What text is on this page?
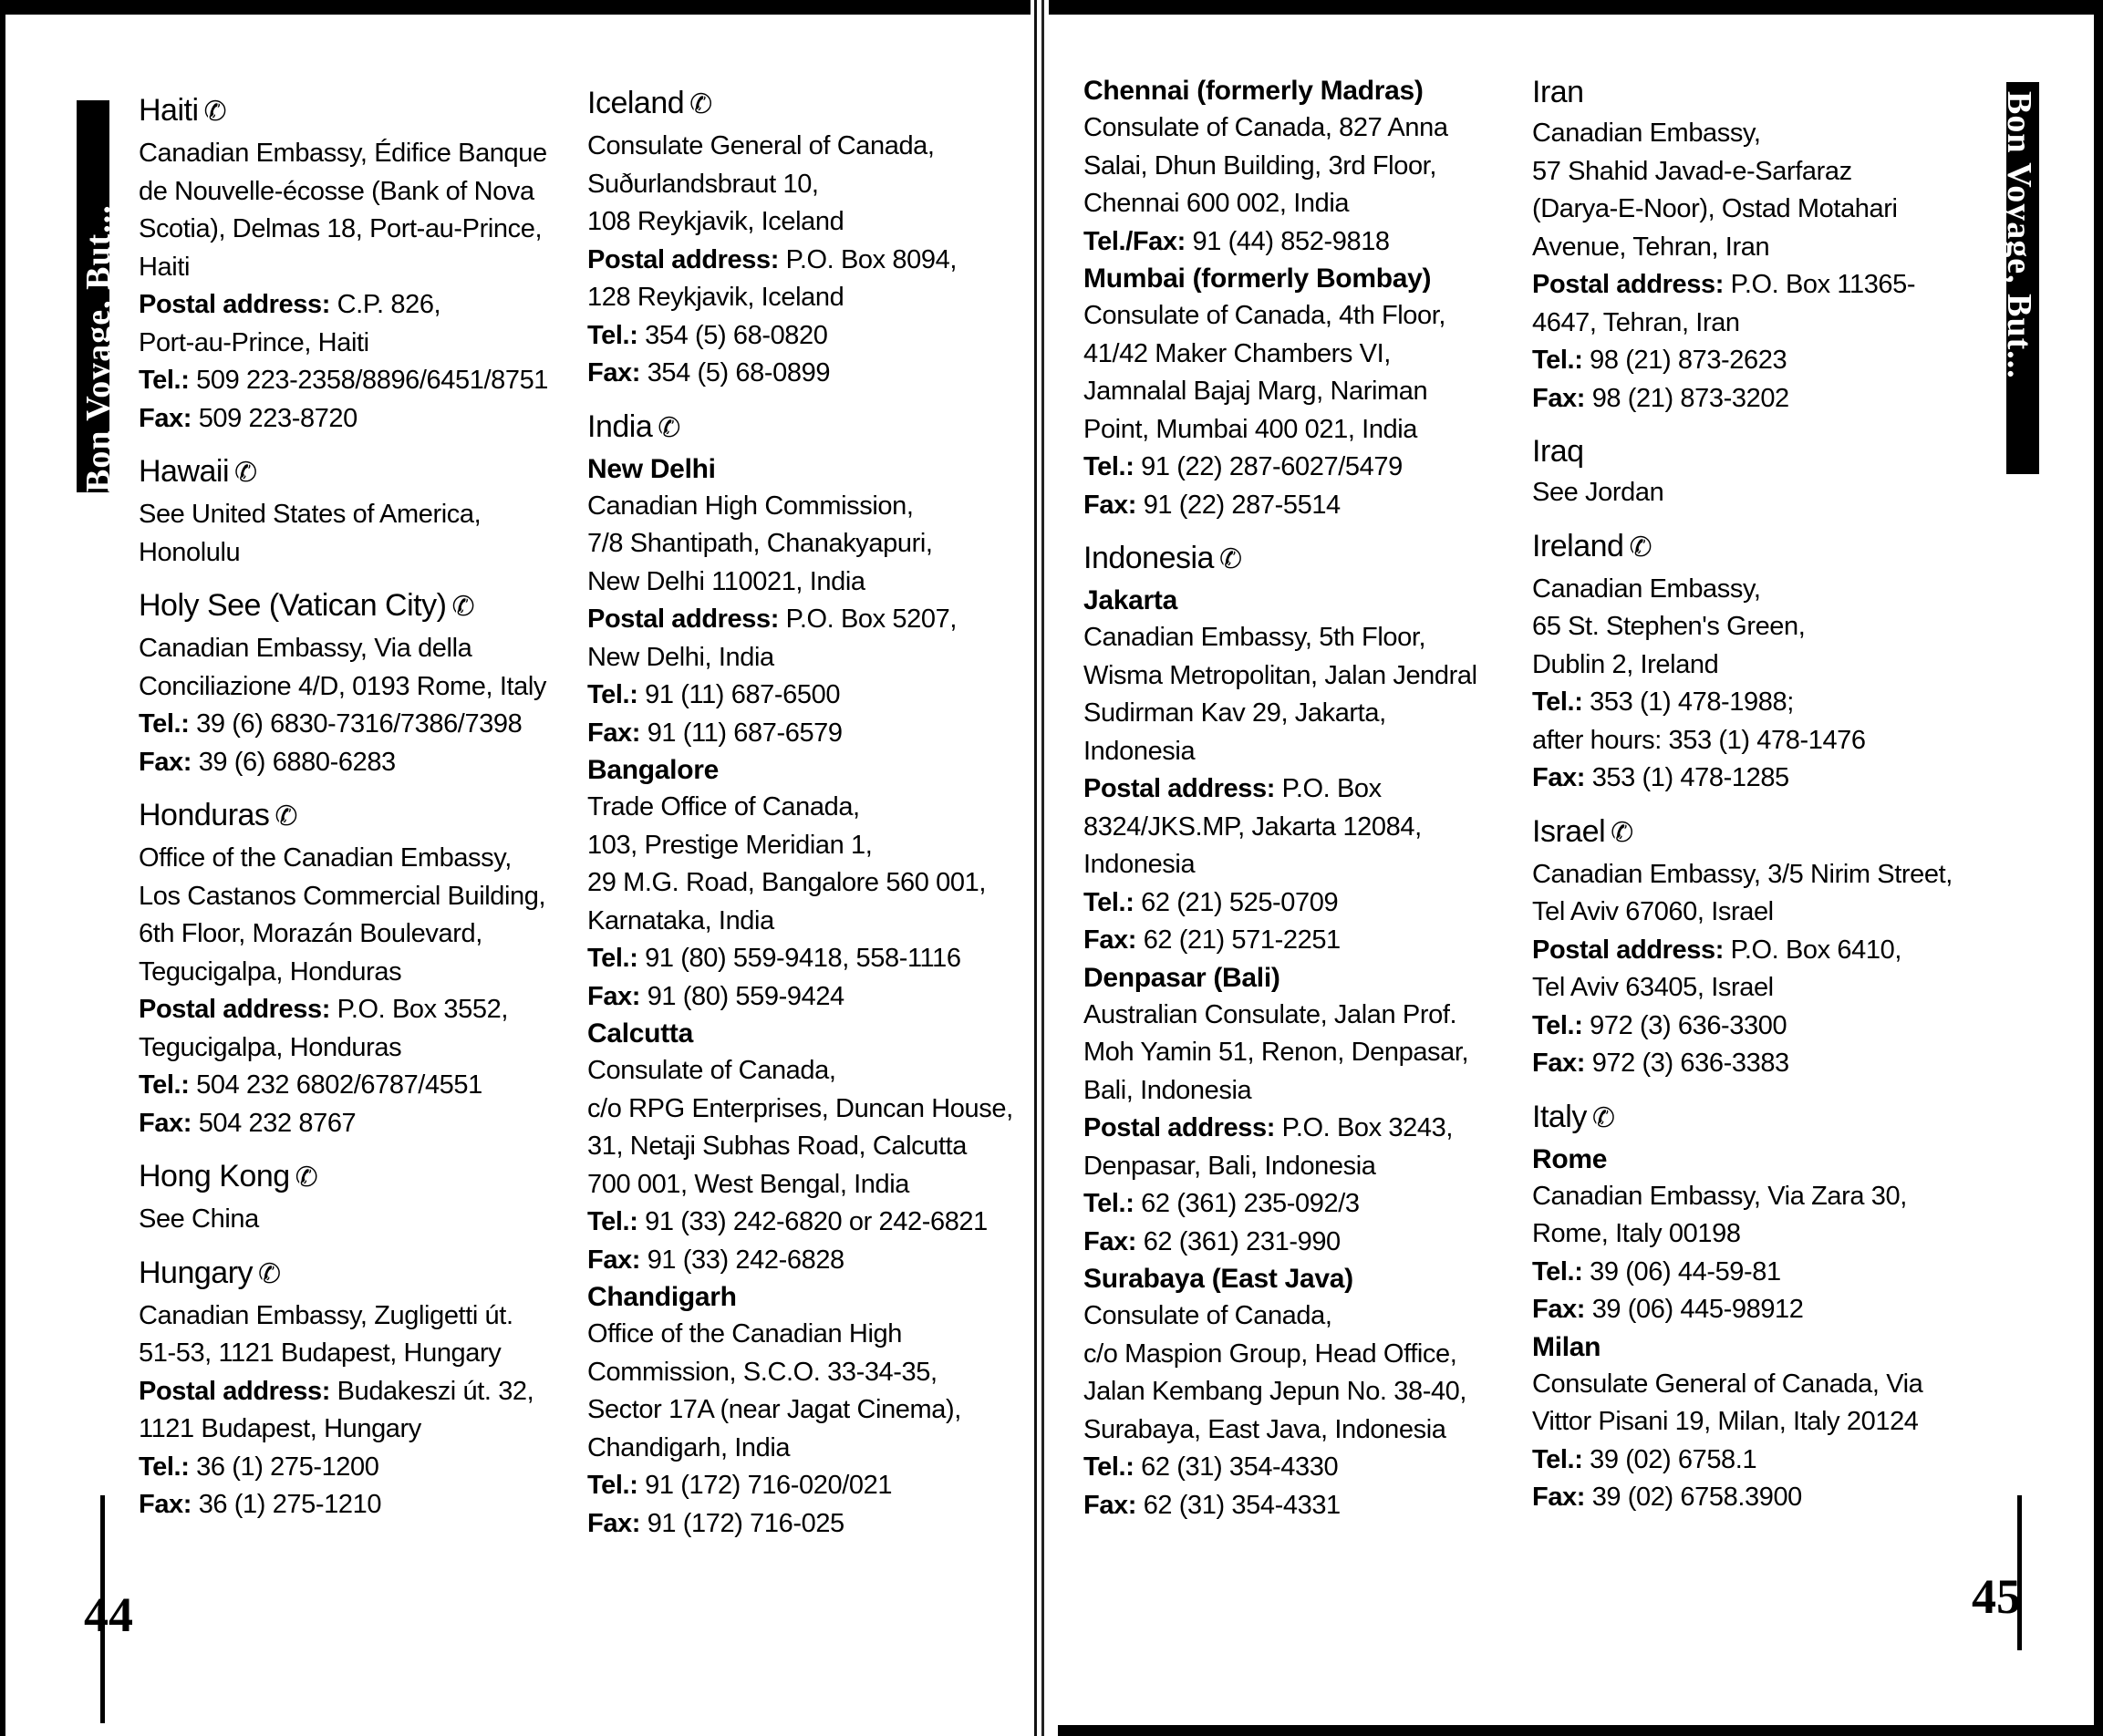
Bon Voyage, But...	Bon Voyage, But...
44	45
Haiti ✆
Canadian Embassy, Édifice Banque
de Nouvelle-écosse (Bank of Nova
Scotia), Delmas 18, Port-au-Prince,
Haiti
Postal address: C.P. 826,
Port-au-Prince, Haiti
Tel.: 509 223-2358/8896/6451/8751
Fax: 509 223-8720
Hawaii ✆
See United States of America,
Honolulu
Holy See (Vatican City) ✆
Canadian Embassy, Via della
Conciliazione 4/D, 0193 Rome, Italy
Tel.: 39 (6) 6830-7316/7386/7398
Fax: 39 (6) 6880-6283
Honduras ✆
Office of the Canadian Embassy,
Los Castanos Commercial Building,
6th Floor, Morazán Boulevard,
Tegucigalpa, Honduras
Postal address: P.O. Box 3552,
Tegucigalpa, Honduras
Tel.: 504 232 6802/6787/4551
Fax: 504 232 8767
Hong Kong ✆
See China
Hungary ✆
Canadian Embassy, Zugligetti út.
51-53, 1121 Budapest, Hungary
Postal address: Budakeszi út. 32,
1121 Budapest, Hungary
Tel.: 36 (1) 275-1200
Fax: 36 (1) 275-1210
Iceland ✆
Consulate General of Canada,
Suðurlandsbraut 10,
108 Reykjavik, Iceland
Postal address: P.O. Box 8094,
128 Reykjavik, Iceland
Tel.: 354 (5) 68-0820
Fax: 354 (5) 68-0899
India ✆
New Delhi
Canadian High Commission,
7/8 Shantipath, Chanakyapuri,
New Delhi 110021, India
Postal address: P.O. Box 5207,
New Delhi, India
Tel.: 91 (11) 687-6500
Fax: 91 (11) 687-6579
Bangalore
Trade Office of Canada,
103, Prestige Meridian 1,
29 M.G. Road, Bangalore 560 001,
Karnataka, India
Tel.: 91 (80) 559-9418, 558-1116
Fax: 91 (80) 559-9424
Calcutta
Consulate of Canada,
c/o RPG Enterprises, Duncan House,
31, Netaji Subhas Road, Calcutta
700 001, West Bengal, India
Tel.: 91 (33) 242-6820 or 242-6821
Fax: 91 (33) 242-6828
Chandigarh
Office of the Canadian High
Commission, S.C.O. 33-34-35,
Sector 17A (near Jagat Cinema),
Chandigarh, India
Tel.: 91 (172) 716-020/021
Fax: 91 (172) 716-025
Chennai (formerly Madras)
Consulate of Canada, 827 Anna
Salai, Dhun Building, 3rd Floor,
Chennai 600 002, India
Tel./Fax: 91 (44) 852-9818
Mumbai (formerly Bombay)
Consulate of Canada, 4th Floor,
41/42 Maker Chambers VI,
Jamnalal Bajaj Marg, Nariman
Point, Mumbai 400 021, India
Tel.: 91 (22) 287-6027/5479
Fax: 91 (22) 287-5514
Indonesia ✆
Jakarta
Canadian Embassy, 5th Floor,
Wisma Metropolitan, Jalan Jendral
Sudirman Kav 29, Jakarta,
Indonesia
Postal address: P.O. Box
8324/JKS.MP, Jakarta 12084,
Indonesia
Tel.: 62 (21) 525-0709
Fax: 62 (21) 571-2251
Denpasar (Bali)
Australian Consulate, Jalan Prof.
Moh Yamin 51, Renon, Denpasar,
Bali, Indonesia
Postal address: P.O. Box 3243,
Denpasar, Bali, Indonesia
Tel.: 62 (361) 235-092/3
Fax: 62 (361) 231-990
Surabaya (East Java)
Consulate of Canada,
c/o Maspion Group, Head Office,
Jalan Kembang Jepun No. 38-40,
Surabaya, East Java, Indonesia
Tel.: 62 (31) 354-4330
Fax: 62 (31) 354-4331
Iran
Canadian Embassy,
57 Shahid Javad-e-Sarfaraz
(Darya-E-Noor), Ostad Motahari
Avenue, Tehran, Iran
Postal address: P.O. Box 11365-
4647, Tehran, Iran
Tel.: 98 (21) 873-2623
Fax: 98 (21) 873-3202
Iraq
See Jordan
Ireland ✆
Canadian Embassy,
65 St. Stephen's Green,
Dublin 2, Ireland
Tel.: 353 (1) 478-1988;
after hours: 353 (1) 478-1476
Fax: 353 (1) 478-1285
Israel ✆
Canadian Embassy, 3/5 Nirim Street,
Tel Aviv 67060, Israel
Postal address: P.O. Box 6410,
Tel Aviv 63405, Israel
Tel.: 972 (3) 636-3300
Fax: 972 (3) 636-3383
Italy ✆
Rome
Canadian Embassy, Via Zara 30,
Rome, Italy 00198
Tel.: 39 (06) 44-59-81
Fax: 39 (06) 445-98912
Milan
Consulate General of Canada, Via
Vittor Pisani 19, Milan, Italy 20124
Tel.: 39 (02) 6758.1
Fax: 39 (02) 6758.3900
